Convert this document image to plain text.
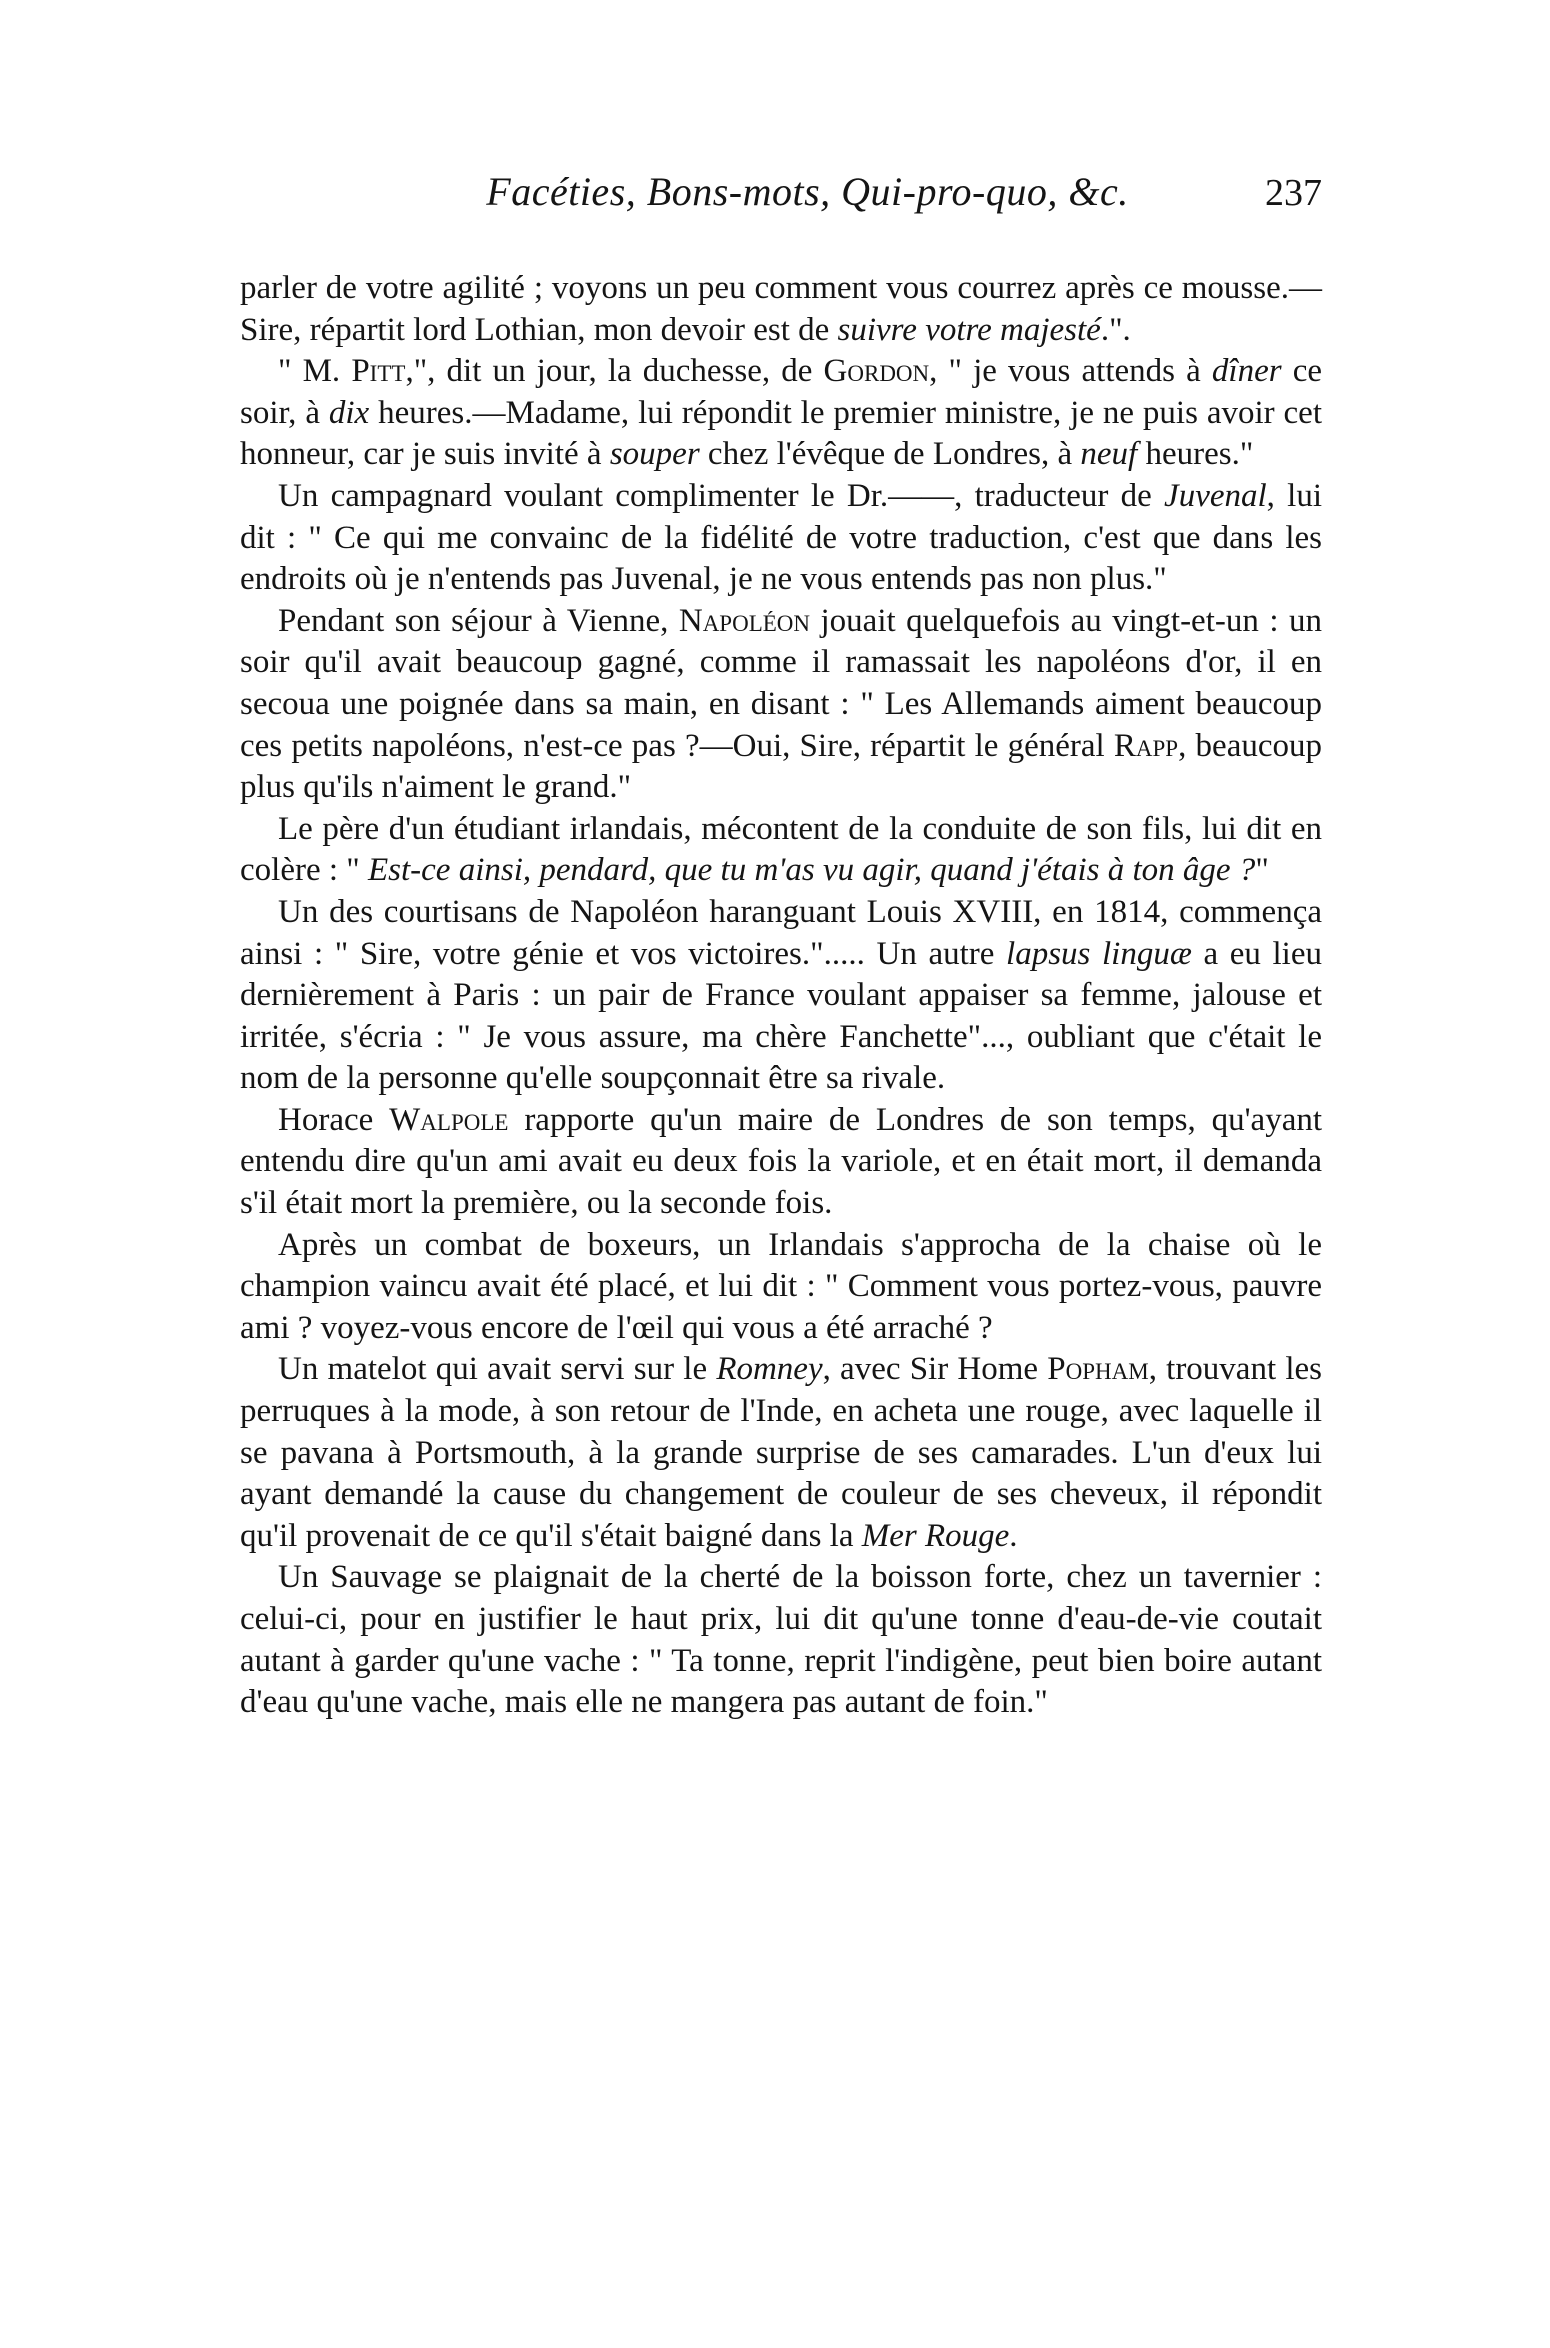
Facéties, Bons-mots, Qui-pro-quo, &c.	237

parler de votre agilité ; voyons un peu comment vous courrez après ce mousse.—Sire, répartit lord Lothian, mon devoir est de suivre votre majesté.".

" M. Pitt,", dit un jour, la duchesse, de Gordon, " je vous attends à dîner ce soir, à dix heures.—Madame, lui répondit le premier ministre, je ne puis avoir cet honneur, car je suis invité à souper chez l'évêque de Londres, à neuf heures."

Un campagnard voulant complimenter le Dr.——, traducteur de Juvenal, lui dit : " Ce qui me convainc de la fidélité de votre traduction, c'est que dans les endroits où je n'entends pas Juvenal, je ne vous entends pas non plus."

Pendant son séjour à Vienne, Napoléon jouait quelquefois au vingt-et-un : un soir qu'il avait beaucoup gagné, comme il ramassait les napoléons d'or, il en secoua une poignée dans sa main, en disant : " Les Allemands aiment beaucoup ces petits napoléons, n'est-ce pas ?—Oui, Sire, répartit le général Rapp, beaucoup plus qu'ils n'aiment le grand."

Le père d'un étudiant irlandais, mécontent de la conduite de son fils, lui dit en colère : " Est-ce ainsi, pendard, que tu m'as vu agir, quand j'étais à ton âge ?"

Un des courtisans de Napoléon haranguant Louis XVIII, en 1814, commença ainsi : " Sire, votre génie et vos victoires."..... Un autre lapsus linguæ a eu lieu dernièrement à Paris : un pair de France voulant appaiser sa femme, jalouse et irritée, s'écria : " Je vous assure, ma chère Fanchette"..., oubliant que c'était le nom de la personne qu'elle soupçonnait être sa rivale.

Horace Walpole rapporte qu'un maire de Londres de son temps, qu'ayant entendu dire qu'un ami avait eu deux fois la variole, et en était mort, il demanda s'il était mort la première, ou la seconde fois.

Après un combat de boxeurs, un Irlandais s'approcha de la chaise où le champion vaincu avait été placé, et lui dit : " Comment vous portez-vous, pauvre ami ? voyez-vous encore de l'œil qui vous a été arraché ?

Un matelot qui avait servi sur le Romney, avec Sir Home Popham, trouvant les perruques à la mode, à son retour de l'Inde, en acheta une rouge, avec laquelle il se pavana à Portsmouth, à la grande surprise de ses camarades. L'un d'eux lui ayant demandé la cause du changement de couleur de ses cheveux, il répondit qu'il provenait de ce qu'il s'était baigné dans la Mer Rouge.

Un Sauvage se plaignait de la cherté de la boisson forte, chez un tavernier : celui-ci, pour en justifier le haut prix, lui dit qu'une tonne d'eau-de-vie coutait autant à garder qu'une vache : " Ta tonne, reprit l'indigène, peut bien boire autant d'eau qu'une vache, mais elle ne mangera pas autant de foin."
